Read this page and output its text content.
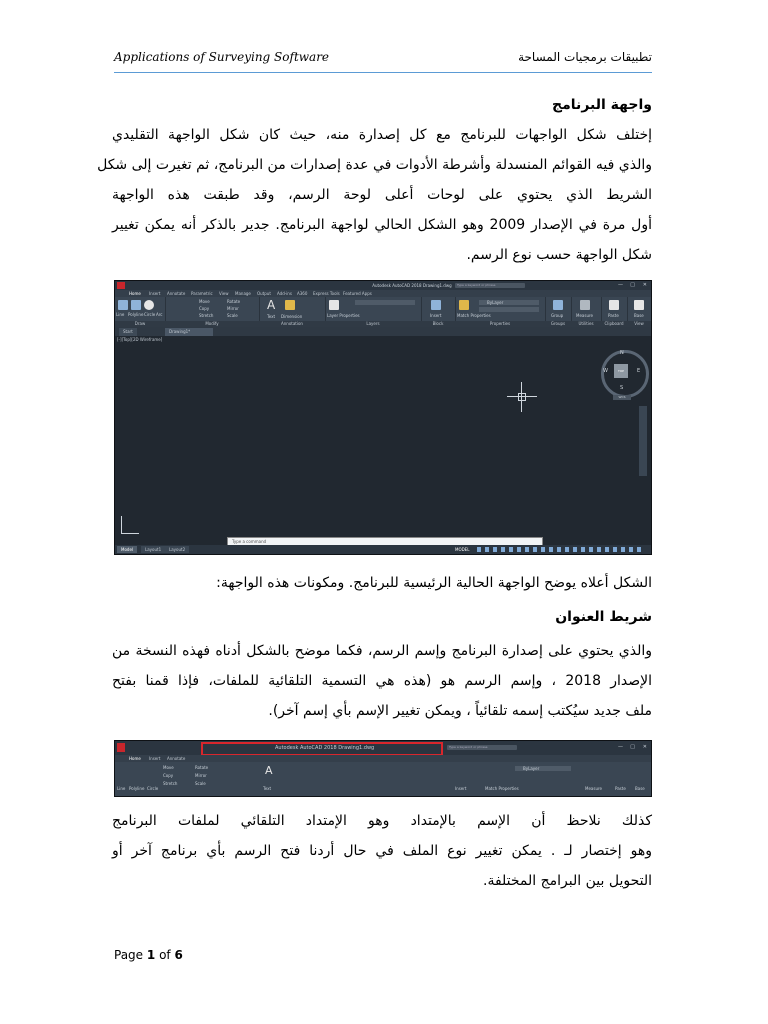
Applications of Surveying Software	تطبيقات برمجيات المساحة
واجهة البرنامج
إختلف شكل الواجهات للبرنامج مع كل إصدارة منه، حيث كان شكل الواجهة التقليدي
والذي فيه القوائم المنسدلة وأشرطة الأدوات في عدة إصدارات من البرنامج، ثم تغيرت إلى شكل
الشريط الذي يحتوي على لوحات أعلى لوحة الرسم، وقد طبقت هذه الواجهة
أول مرة في الإصدار 2009 وهو الشكل الحالي لواجهة البرنامج. جدير بالذكر أنه يمكن تغيير
شكل الواجهة حسب نوع الرسم.
Autodesk AutoCAD 2018 Drawing1.dwg Type a keyword or phrase	✕
□
—
Home Insert Annotate Parametric View Manage Output Add-ins A360 Express Tools Featured Apps
Line Polyline Circle Arc
Draw
Move	Rotate
Copy	Mirror
Stretch	Scale
Modify
A
Text Dimension
Annotation
Layer Properties
Layers
Insert
Block
Match Properties
ByLayer
Properties
Group
Groups
Measure
Utilities
Paste
Clipboard
Base
View
Start	Drawing1*
[-][Top][2D Wireframe]
TOP
N
S
W	E
WCS
Type a command
Model	Layout1	Layout2	MODEL
الشكل أعلاه يوضح الواجهة الحالية الرئيسية للبرنامج. ومكونات هذه الواجهة:
شريط العنوان
والذي يحتوي على إصدارة البرنامج وإسم الرسم، فكما موضح بالشكل أدناه فهذه النسخة من
الإصدار 2018 ، وإسم الرسم هو (هذه هي التسمية التلقائية للملفات، فإذا قمنا بفتح
ملف جديد سيُكتب إسمه تلقائياً ، ويمكن تغيير الإسم بأي إسم آخر).
Autodesk AutoCAD 2018 Drawing1.dwg	Type a keyword or phrase	✕
□
—
Home Insert Annotate
Move	Rotate
Copy	Mirror
Stretch	Scale
A
Line Polyline Circle	Text	Insert	Match Properties
ByLayer
Measure	Paste Base
كذلك نلاحظ أن الإسم بالإمتداد وهو الإمتداد التلقائي لملفات البرنامج
وهو إختصار لـ . يمكن تغيير نوع الملف في حال أردنا فتح الرسم بأي برنامج آخر أو
التحويل بين البرامج المختلفة.
Page 1 of 6
